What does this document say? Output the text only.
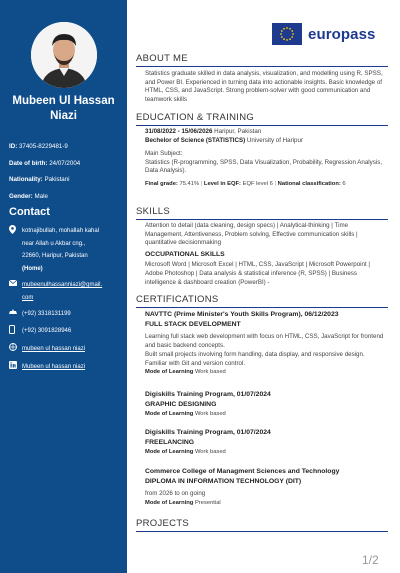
Mubeen Ul Hassan
Niazi
ID: 37405-8229481-9
Date of birth: 24/07/2004
Nationality: Pakistani
Gender: Male
Contact
kotnajibullah, mohallah kahal
near Allah u Akbar cng.,
22660, Haripur, Pakistan
(Home)
mubeenulhassanniazi@gmail.
com
(+92) 3318131199
(+92) 3091828946
mubeen ul hassan niazi
Mubeen ul hassan niazi
europass
ABOUT ME
Statistics graduate skilled in data analysis, visualization, and modelling using R, SPSS, and Power BI. Experienced in turning data into actionable insights. Basic knowledge of HTML, CSS, and JavaScript. Strong problem-solver with good communication and teamwork skills
EDUCATION & TRAINING
31/08/2022 - 15/06/2026 Haripur, Pakistan
Bechelor of Science (STATISTICS) University of Haripur
Main Subject:
Statistics (R-programming, SPSS, Data Visualization, Probability, Regression Analysis, Data Analysis).
Final grade: 75.41% | Level in EQF: EQF level 6 | National classification: 6
SKILLS
Attention to detail (data cleaning, design specs) | Analytical-thinking | Time Management, Attentiveness, Problem solving, Effective communication skills | quantitative decisionmaking
OCCUPATIONAL SKILLS
Microsoft Word | Microsoft Excel | HTML, CSS, JavaScript | Microsoft Powerpoint | Adobe Photoshop | Data analysis & statistical inference (R, SPSS) | Business intelligence & dashboard creation (PowerBI) -
CERTIFICATIONS
NAVTTC (Prime Minister's Youth Skills Program), 06/12/2023
FULL STACK DEVELOPMENT
Learning full stack web development with focus on HTML, CSS, JavaScript for frontend and basic backend concepts.
Built small projects involving form handling, data display, and responsive design. Familiar with Git and version control.
Mode of Learning Work based
Digiskills Training Program, 01/07/2024
GRAPHIC DESIGNING
Mode of Learning Work based
Digiskills Training Program, 01/07/2024
FREELANCING
Mode of Learning Work based
Commerce College of Managment Sciences and Technology
DIPLOMA IN INFORMATION TECHNOLOGY (DIT)
from 2026 to on going
Mode of Learning Presential
PROJECTS
1/2
